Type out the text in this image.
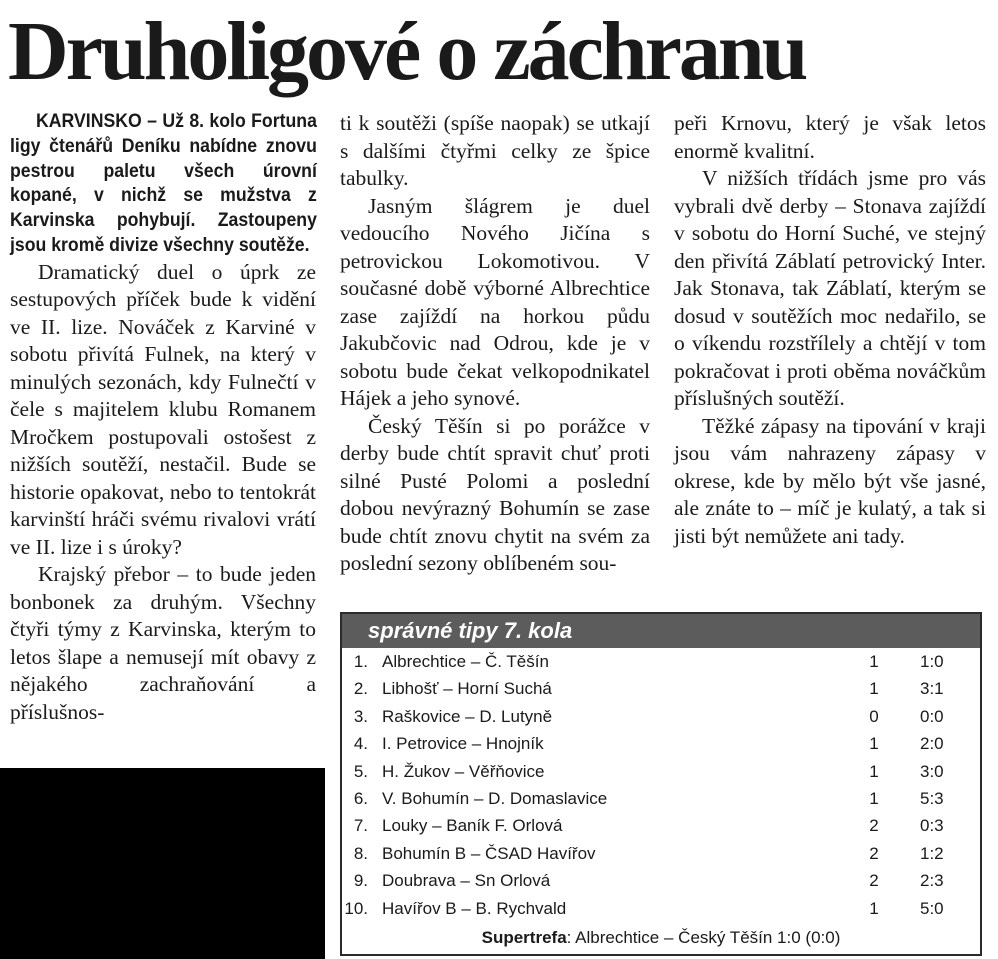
Druholigové o záchranu

KARVINSKO – Už 8. kolo Fortuna ligy čtenářů Deníku nabídne znovu pestrou paletu všech úrovní kopané, v nichž se mužstva z Karvinska pohybují. Zastoupeny jsou kromě divize všechny soutěže.

Dramatický duel o úprk ze sestupových příček bude k vidění ve II. lize. Nováček z Karviné v sobotu přivítá Fulnek, na který v minulých sezonách, kdy Fulnečtí v čele s majitelem klubu Romanem Mročkem postupovali ostošest z nižších soutěží, nestačil. Bude se historie opakovat, nebo to tentokrát karvinští hráči svému rivalovi vrátí ve II. lize i s úroky?

Krajský přebor – to bude jeden bonbonek za druhým. Všechny čtyři týmy z Karvinska, kterým to letos šlape a nemusejí mít obavy z nějakého zachraňování a příslušnos-

ti k soutěži (spíše naopak) se utkají s dalšími čtyřmi celky ze špice tabulky.

Jasným šlágrem je duel vedoucího Nového Jičína s petrovickou Lokomotivou. V současné době výborné Albrechtice zase zajíždí na horkou půdu Jakubčovic nad Odrou, kde je v sobotu bude čekat velkopodnikatel Hájek a jeho synové.

Český Těšín si po porážce v derby bude chtít spravit chuť proti silné Pusté Polomi a poslední dobou nevýrazný Bohumín se zase bude chtít znovu chytit na svém za poslední sezony oblíbeném sou-

peři Krnovu, který je však letos enormě kvalitní.

V nižších třídách jsme pro vás vybrali dvě derby – Stonava zajíždí v sobotu do Horní Suché, ve stejný den přivítá Záblatí petrovický Inter. Jak Stonava, tak Záblatí, kterým se dosud v soutěžích moc nedařilo, se o víkendu rozstřílely a chtějí v tom pokračovat i proti oběma nováčkům příslušných soutěží.

Těžké zápasy na tipování v kraji jsou vám nahrazeny zápasy v okrese, kde by mělo být vše jasné, ale znáte to – míč je kulatý, a tak si jisti být nemůžete ani tady.

správné tipy 7. kola
1. Albrechtice – Č. Těšín	1	1:0
2. Libhošť – Horní Suchá	1	3:1
3. Raškovice – D. Lutyně	0	0:0
4. I. Petrovice – Hnojník	1	2:0
5. H. Žukov – Věřňovice	1	3:0
6. V. Bohumín – D. Domaslavice	1	5:3
7. Louky – Baník F. Orlová	2	0:3
8. Bohumín B – ČSAD Havířov	2	1:2
9. Doubrava – Sn Orlová	2	2:3
10. Havířov B – B. Rychvald	1	5:0
Supertrefa: Albrechtice – Český Těšín 1:0 (0:0)
